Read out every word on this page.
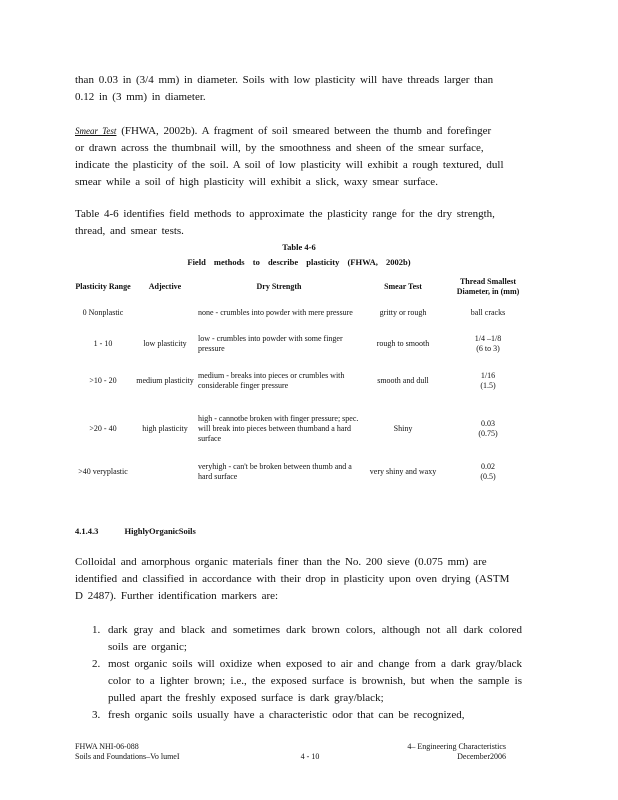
than 0.03 in (3/4 mm) in diameter. Soils with low plasticity will have threads larger than
0.12 in (3 mm) in diameter.
Smear Test (FHWA, 2002b). A fragment of soil smeared between the thumb and forefinger
or drawn across the thumbnail will, by the smoothness and sheen of the smear surface,
indicate the plasticity of the soil. A soil of low plasticity will exhibit a rough textured, dull
smear while a soil of high plasticity will exhibit a slick, waxy smear surface.
Table 4-6 identifies field methods to approximate the plasticity range for the dry strength,
thread, and smear tests.
Table 4-6
Field methods to describe plasticity (FHWA, 2002b)
Plasticity Range	Adjective	Dry Strength	Smear Test	Thread Smallest Diameter, in (mm)
0 Nonplastic		none - crumbles into powder with mere pressure	gritty or rough	ball cracks

1 - 10	low plasticity	low - crumbles into powder with some finger pressure	rough to smooth	1/4 –1/8
(6 to 3)

>10 - 20	medium plasticity	medium - breaks into pieces or crumbles with considerable finger pressure	smooth and dull	1/16
(1.5)

>20 - 40	high plasticity	high - cannotbe broken with finger pressure; spec. will break into pieces between thumband a hard surface	Shiny	0.03
(0.75)

>40 veryplastic		veryhigh - can't be broken between thumb and a hard surface	very shiny and waxy	0.02
(0.5)
4.1.4.3	HighlyOrganicSoils
Colloidal and amorphous organic materials finer than the No. 200 sieve (0.075 mm) are
identified and classified in accordance with their drop in plasticity upon oven drying (ASTM
D 2487). Further identification markers are:
1. dark gray and black and sometimes dark brown colors, although not all dark colored soils are organic;
2. most organic soils will oxidize when exposed to air and change from a dark gray/black color to a lighter brown; i.e., the exposed surface is brownish, but when the sample is pulled apart the freshly exposed surface is dark gray/black;
3. fresh organic soils usually have a characteristic odor that can be recognized,
FHWA NHI-06-088
Soils and Foundations–Vo lumeI	4 - 10
4– Engineering Characteristics
December2006
